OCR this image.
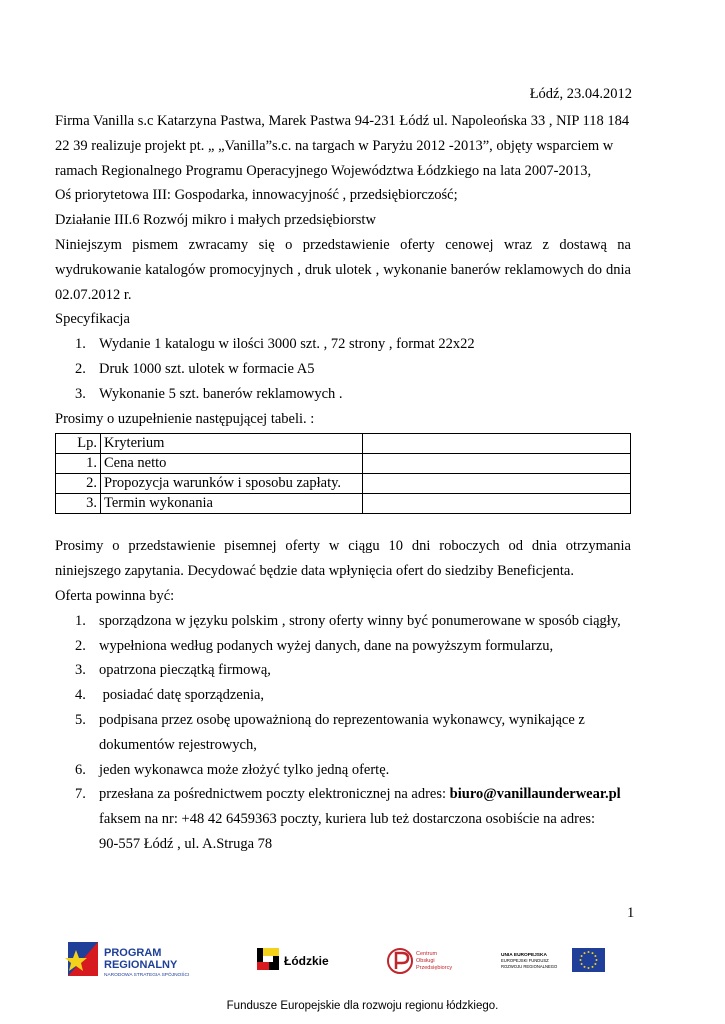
Łódź, 23.04.2012

Firma Vanilla s.c Katarzyna Pastwa, Marek Pastwa 94-231 Łódź ul. Napoleońska 33 , NIP 118 184

22 39 realizuje projekt pt. „ „Vanilla”s.c. na targach w Paryżu 2012 -2013”, objęty wsparciem w

ramach Regionalnego Programu Operacyjnego Województwa Łódzkiego na lata 2007-2013,

Oś priorytetowa III: Gospodarka, innowacyjność , przedsiębiorczość;

Działanie III.6 Rozwój mikro i małych przedsiębiorstw

Niniejszym pismem zwracamy się o przedstawienie oferty cenowej wraz z dostawą na wydrukowanie katalogów promocyjnych , druk ulotek , wykonanie banerów reklamowych do dnia 02.07.2012 r.

Specyfikacja

1. Wydanie 1 katalogu w ilości 3000 szt. , 72 strony , format 22x22
2. Druk 1000 szt. ulotek w formacie A5
3. Wykonanie 5 szt. banerów reklamowych .

Prosimy o uzupełnienie następującej tabeli. :

Lp.	Kryterium	
1.	Cena netto	
2.	Propozycja warunków i sposobu zapłaty.	
3.	Termin wykonania	

Prosimy o przedstawienie pisemnej oferty w ciągu 10 dni roboczych od dnia otrzymania niniejszego zapytania. Decydować będzie data wpłynięcia ofert do siedziby Beneficjenta.

Oferta powinna być:

1. sporządzona w języku polskim , strony oferty winny być ponumerowane w sposób ciągły,
2. wypełniona według podanych wyżej danych, dane na powyższym formularzu,
3. opatrzona pieczątką firmową,
4. posiadać datę sporządzenia,
5. podpisana przez osobę upoważnioną do reprezentowania wykonawcy, wynikające z dokumentów rejestrowych,
6. jeden wykonawca może złożyć tylko jedną ofertę.
7. przesłana za pośrednictwem poczty elektronicznej na adres: biuro@vanillaunderwear.pl
faksem na nr: +48 42 6459363 poczty, kuriera lub też dostarczona osobiście na adres:
90-557 Łódź , ul. A.Struga 78
1
PROGRAM
REGIONALNY
NARODOWA STRATEGIA SPÓJNOŚCI
Łódzkie	Centrum
Obsługi
Przedsiębiorcy
UNIA EUROPEJSKA
EUROPEJSKI FUNDUSZ
ROZWOJU REGIONALNEGO
Fundusze Europejskie dla rozwoju regionu łódzkiego.
